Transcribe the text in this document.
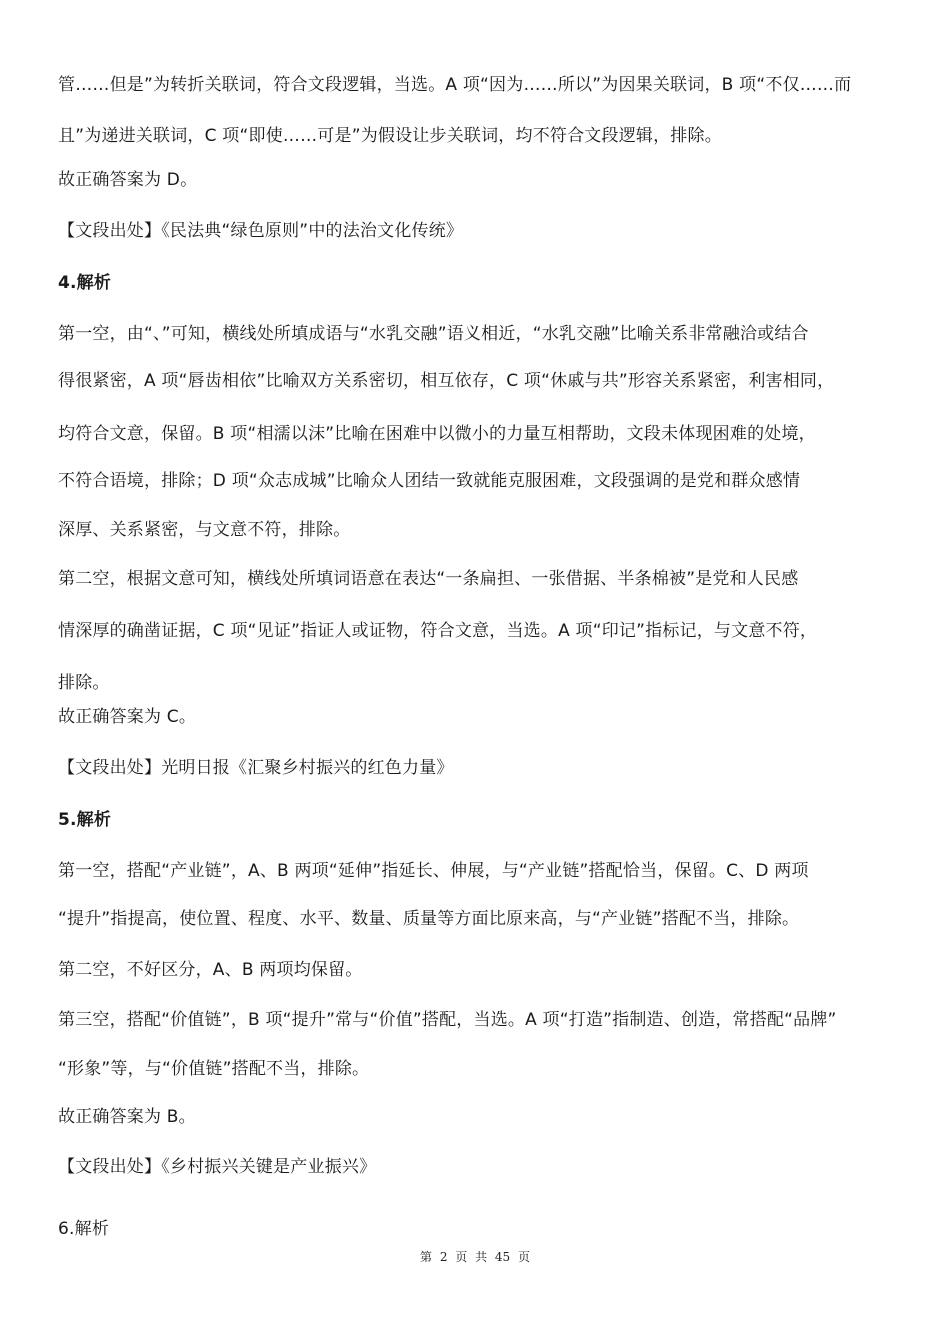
管……但是”为转折关联词，符合文段逻辑，当选。A 项“因为……所以”为因果关联词，B 项“不仅……而
且”为递进关联词，C 项“即使……可是”为假设让步关联词，均不符合文段逻辑，排除。
故正确答案为 D。
【文段出处】《民法典“绿色原则”中的法治文化传统》
4.解析
第一空，由“、”可知，横线处所填成语与“水乳交融”语义相近，“水乳交融”比喻关系非常融洽或结合
得很紧密，A 项“唇齿相依”比喻双方关系密切，相互依存，C 项“休戚与共”形容关系紧密，利害相同，
均符合文意，保留。B 项“相濡以沫”比喻在困难中以微小的力量互相帮助，文段未体现困难的处境，
不符合语境，排除；D 项“众志成城”比喻众人团结一致就能克服困难，文段强调的是党和群众感情
深厚、关系紧密，与文意不符，排除。
第二空，根据文意可知，横线处所填词语意在表达“一条扁担、一张借据、半条棉被”是党和人民感
情深厚的确凿证据，C 项“见证”指证人或证物，符合文意，当选。A 项“印记”指标记，与文意不符，
排除。
故正确答案为 C。
【文段出处】光明日报《汇聚乡村振兴的红色力量》
5.解析
第一空，搭配“产业链”，A、B 两项“延伸”指延长、伸展，与“产业链”搭配恰当，保留。C、D 两项
“提升”指提高，使位置、程度、水平、数量、质量等方面比原来高，与“产业链”搭配不当，排除。
第二空，不好区分，A、B 两项均保留。
第三空，搭配“价值链”，B 项“提升”常与“价值”搭配，当选。A 项“打造”指制造、创造，常搭配“品牌”
“形象”等，与“价值链”搭配不当，排除。
故正确答案为 B。
【文段出处】《乡村振兴关键是产业振兴》
6.解析
第 2 页 共 45 页
